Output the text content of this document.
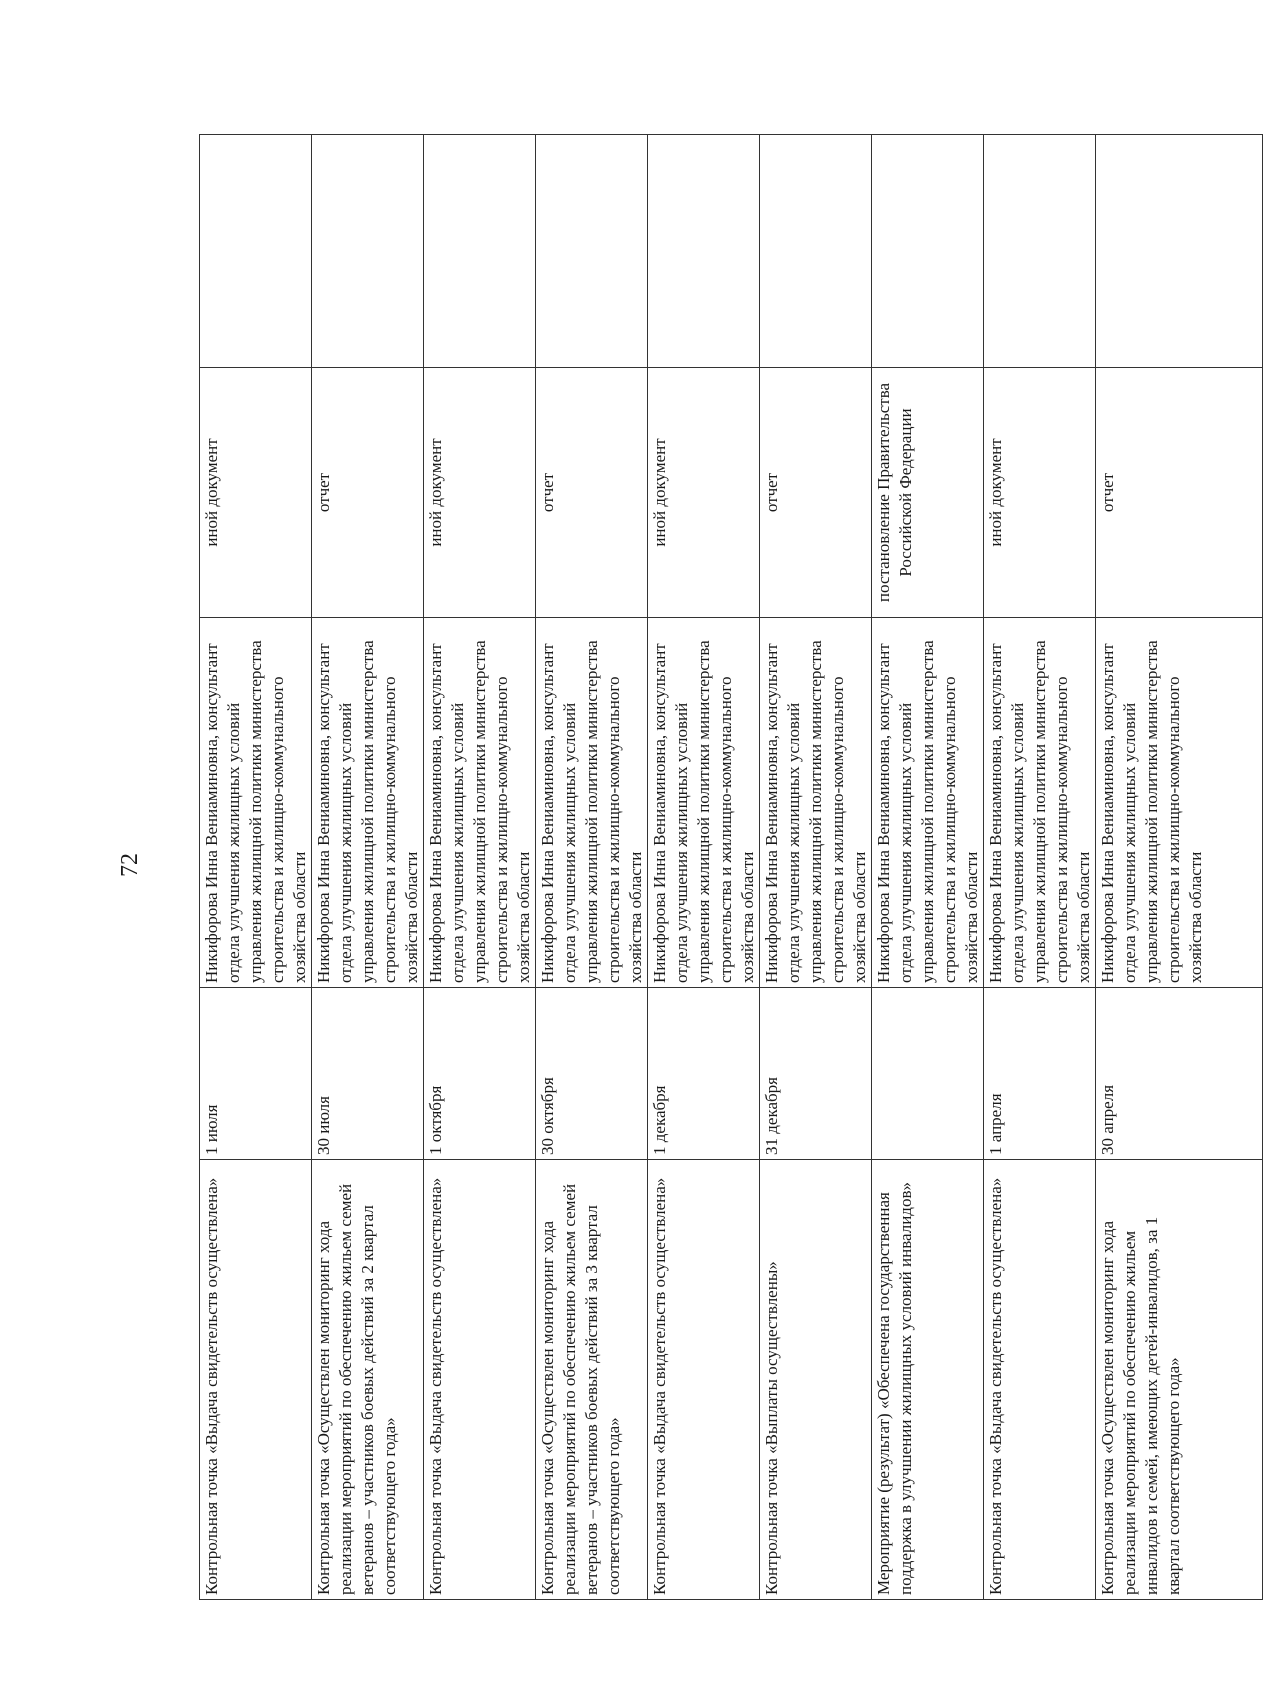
72
Контрольная точка «Выдача свидетельств осуществлена»	1 июля	Никифорова Инна Вениаминовна, консультант отдела улучшения жилищных условий управления жилищной политики министерства строительства и жилищно-коммунального хозяйства области	иной документ	
Контрольная точка «Осуществлен мониторинг хода реализации мероприятий по обеспечению жильем семей ветеранов – участников боевых действий за 2 квартал соответствующего года»	30 июля	Никифорова Инна Вениаминовна, консультант отдела улучшения жилищных условий управления жилищной политики министерства строительства и жилищно-коммунального хозяйства области	отчет	
Контрольная точка «Выдача свидетельств осуществлена»	1 октября	Никифорова Инна Вениаминовна, консультант отдела улучшения жилищных условий управления жилищной политики министерства строительства и жилищно-коммунального хозяйства области	иной документ	
Контрольная точка «Осуществлен мониторинг хода реализации мероприятий по обеспечению жильем семей ветеранов – участников боевых действий за 3 квартал соответствующего года»	30 октября	Никифорова Инна Вениаминовна, консультант отдела улучшения жилищных условий управления жилищной политики министерства строительства и жилищно-коммунального хозяйства области	отчет	
Контрольная точка «Выдача свидетельств осуществлена»	1 декабря	Никифорова Инна Вениаминовна, консультант отдела улучшения жилищных условий управления жилищной политики министерства строительства и жилищно-коммунального хозяйства области	иной документ	
Контрольная точка «Выплаты осуществлены»	31 декабря	Никифорова Инна Вениаминовна, консультант отдела улучшения жилищных условий управления жилищной политики министерства строительства и жилищно-коммунального хозяйства области	отчет	
Мероприятие (результат) «Обеспечена государственная поддержка в улучшении жилищных условий инвалидов»		Никифорова Инна Вениаминовна, консультант отдела улучшения жилищных условий управления жилищной политики министерства строительства и жилищно-коммунального хозяйства области	постановление Правительства Российской Федерации	
Контрольная точка «Выдача свидетельств осуществлена»	1 апреля	Никифорова Инна Вениаминовна, консультант отдела улучшения жилищных условий управления жилищной политики министерства строительства и жилищно-коммунального хозяйства области	иной документ	
Контрольная точка «Осуществлен мониторинг хода реализации мероприятий по обеспечению жильем инвалидов и семей, имеющих детей-инвалидов, за 1 квартал соответствующего года»	30 апреля	Никифорова Инна Вениаминовна, консультант отдела улучшения жилищных условий управления жилищной политики министерства строительства и жилищно-коммунального хозяйства области	отчет	
